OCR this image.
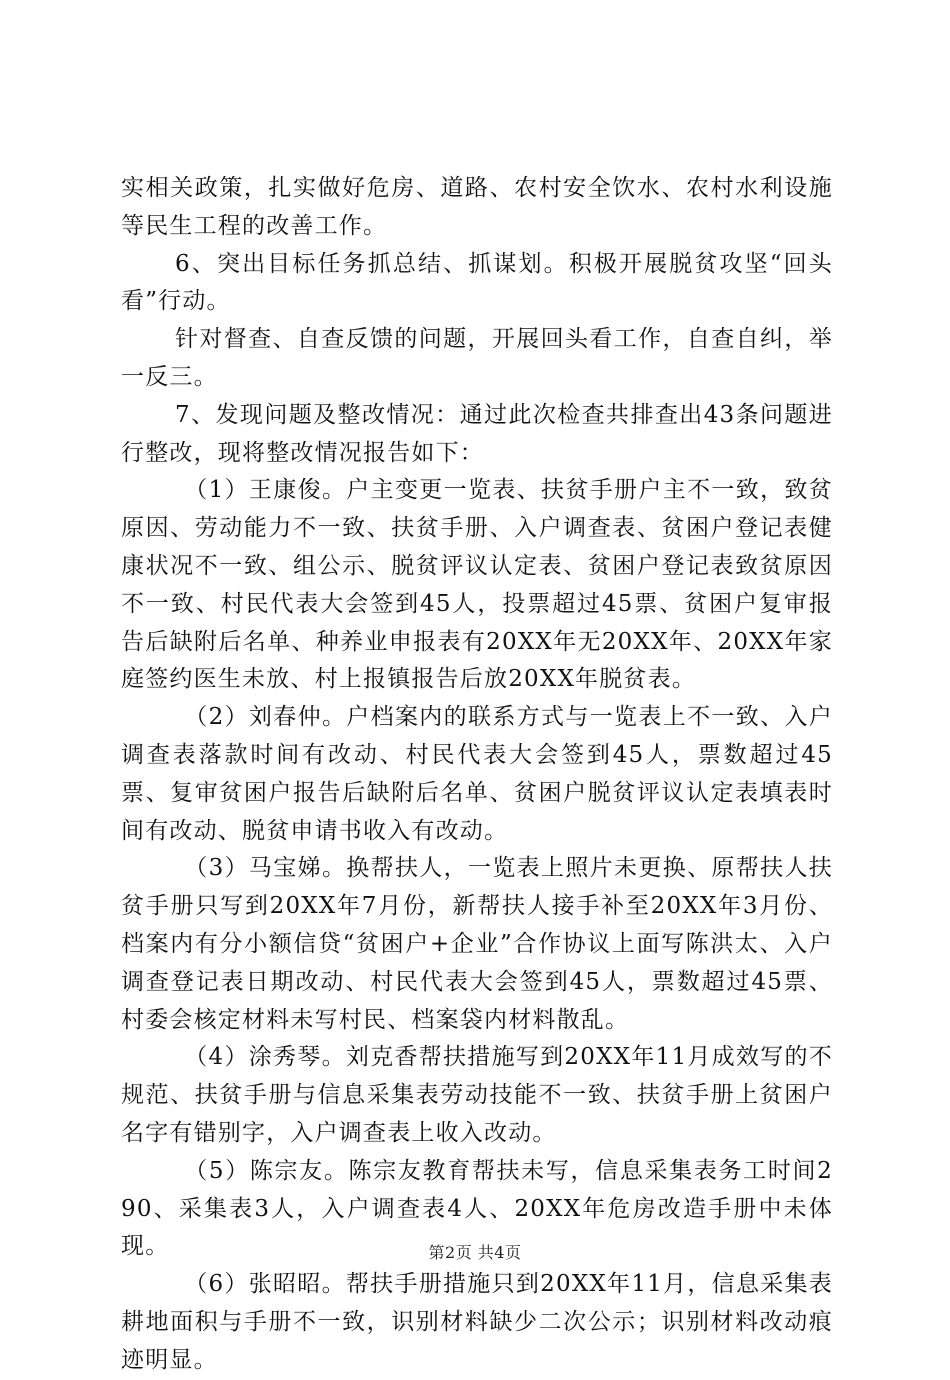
实相关政策，扎实做好危房、道路、农村安全饮水、农村水利设施等民生工程的改善工作。

6、突出目标任务抓总结、抓谋划。积极开展脱贫攻坚“回头看”行动。

针对督查、自查反馈的问题，开展回头看工作，自查自纠，举一反三。

7、发现问题及整改情况：通过此次检查共排查出43条问题进行整改，现将整改情况报告如下：

（1）王康俊。户主变更一览表、扶贫手册户主不一致，致贫原因、劳动能力不一致、扶贫手册、入户调查表、贫困户登记表健康状况不一致、组公示、脱贫评议认定表、贫困户登记表致贫原因不一致、村民代表大会签到45人，投票超过45票、贫困户复审报告后缺附后名单、种养业申报表有20XX年无20XX年、20XX年家庭签约医生未放、村上报镇报告后放20XX年脱贫表。

（2）刘春仲。户档案内的联系方式与一览表上不一致、入户调查表落款时间有改动、村民代表大会签到45人，票数超过45票、复审贫困户报告后缺附后名单、贫困户脱贫评议认定表填表时间有改动、脱贫申请书收入有改动。

（3）马宝娣。换帮扶人，一览表上照片未更换、原帮扶人扶贫手册只写到20XX年7月份，新帮扶人接手补至20XX年3月份、档案内有分小额信贷“贫困户+企业”合作协议上面写陈洪太、入户调查登记表日期改动、村民代表大会签到45人，票数超过45票、村委会核定材料未写村民、档案袋内材料散乱。

（4）涂秀琴。刘克香帮扶措施写到20XX年11月成效写的不规范、扶贫手册与信息采集表劳动技能不一致、扶贫手册上贫困户名字有错别字，入户调查表上收入改动。

（5）陈宗友。陈宗友教育帮扶未写，信息采集表务工时间290、采集表3人，入户调查表4人、20XX年危房改造手册中未体现。

（6）张昭昭。帮扶手册措施只到20XX年11月，信息采集表耕地面积与手册不一致，识别材料缺少二次公示；识别材料改动痕迹明显。

第2页 共4页
